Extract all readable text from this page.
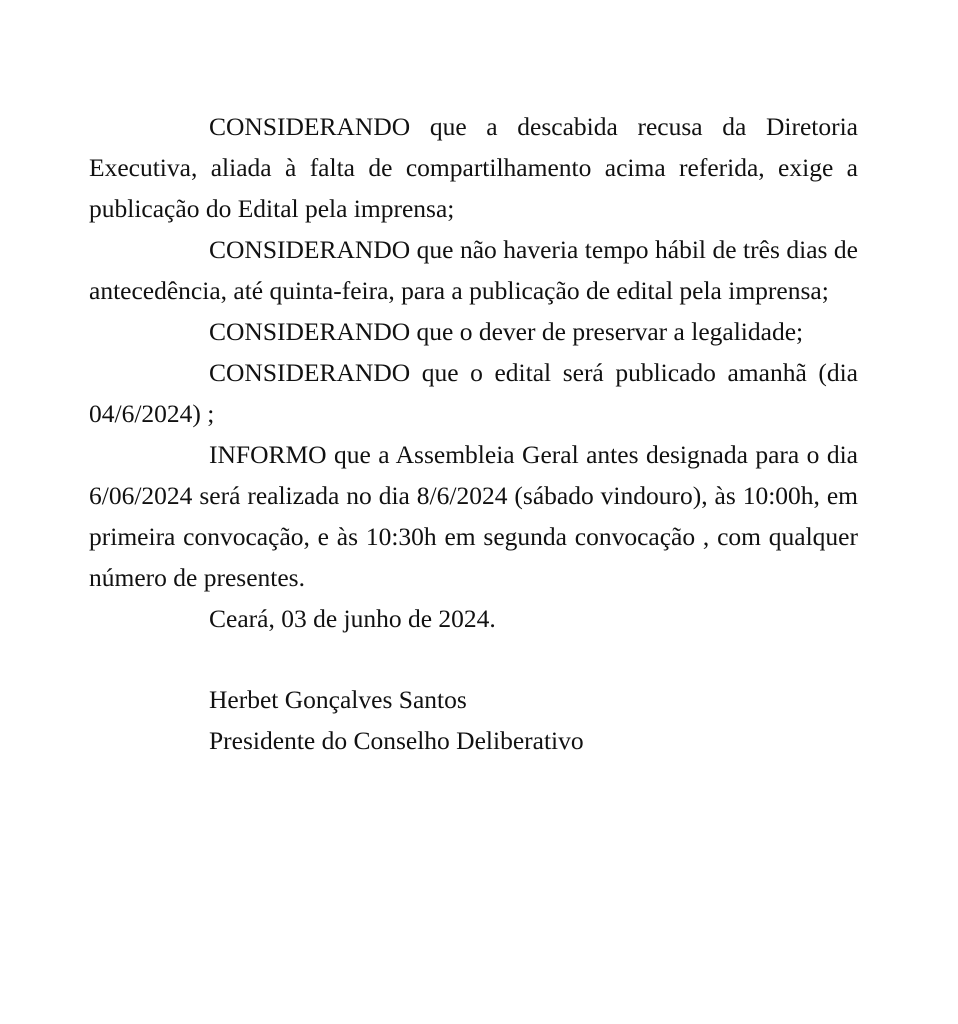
CONSIDERANDO que a descabida recusa da Diretoria Executiva, aliada à falta de compartilhamento acima referida, exige a publicação do Edital pela imprensa;

CONSIDERANDO que não haveria tempo hábil de três dias de antecedência, até quinta-feira, para a publicação de edital pela imprensa;

CONSIDERANDO que o dever de preservar a legalidade;

CONSIDERANDO que o edital será publicado amanhã (dia 04/6/2024) ;

INFORMO que a Assembleia Geral antes designada para o dia 6/06/2024 será realizada no dia 8/6/2024 (sábado vindouro), às 10:00h, em primeira convocação, e às 10:30h em segunda convocação , com qualquer número de presentes.

Ceará, 03 de junho de 2024.

Herbet Gonçalves Santos
Presidente do Conselho Deliberativo
